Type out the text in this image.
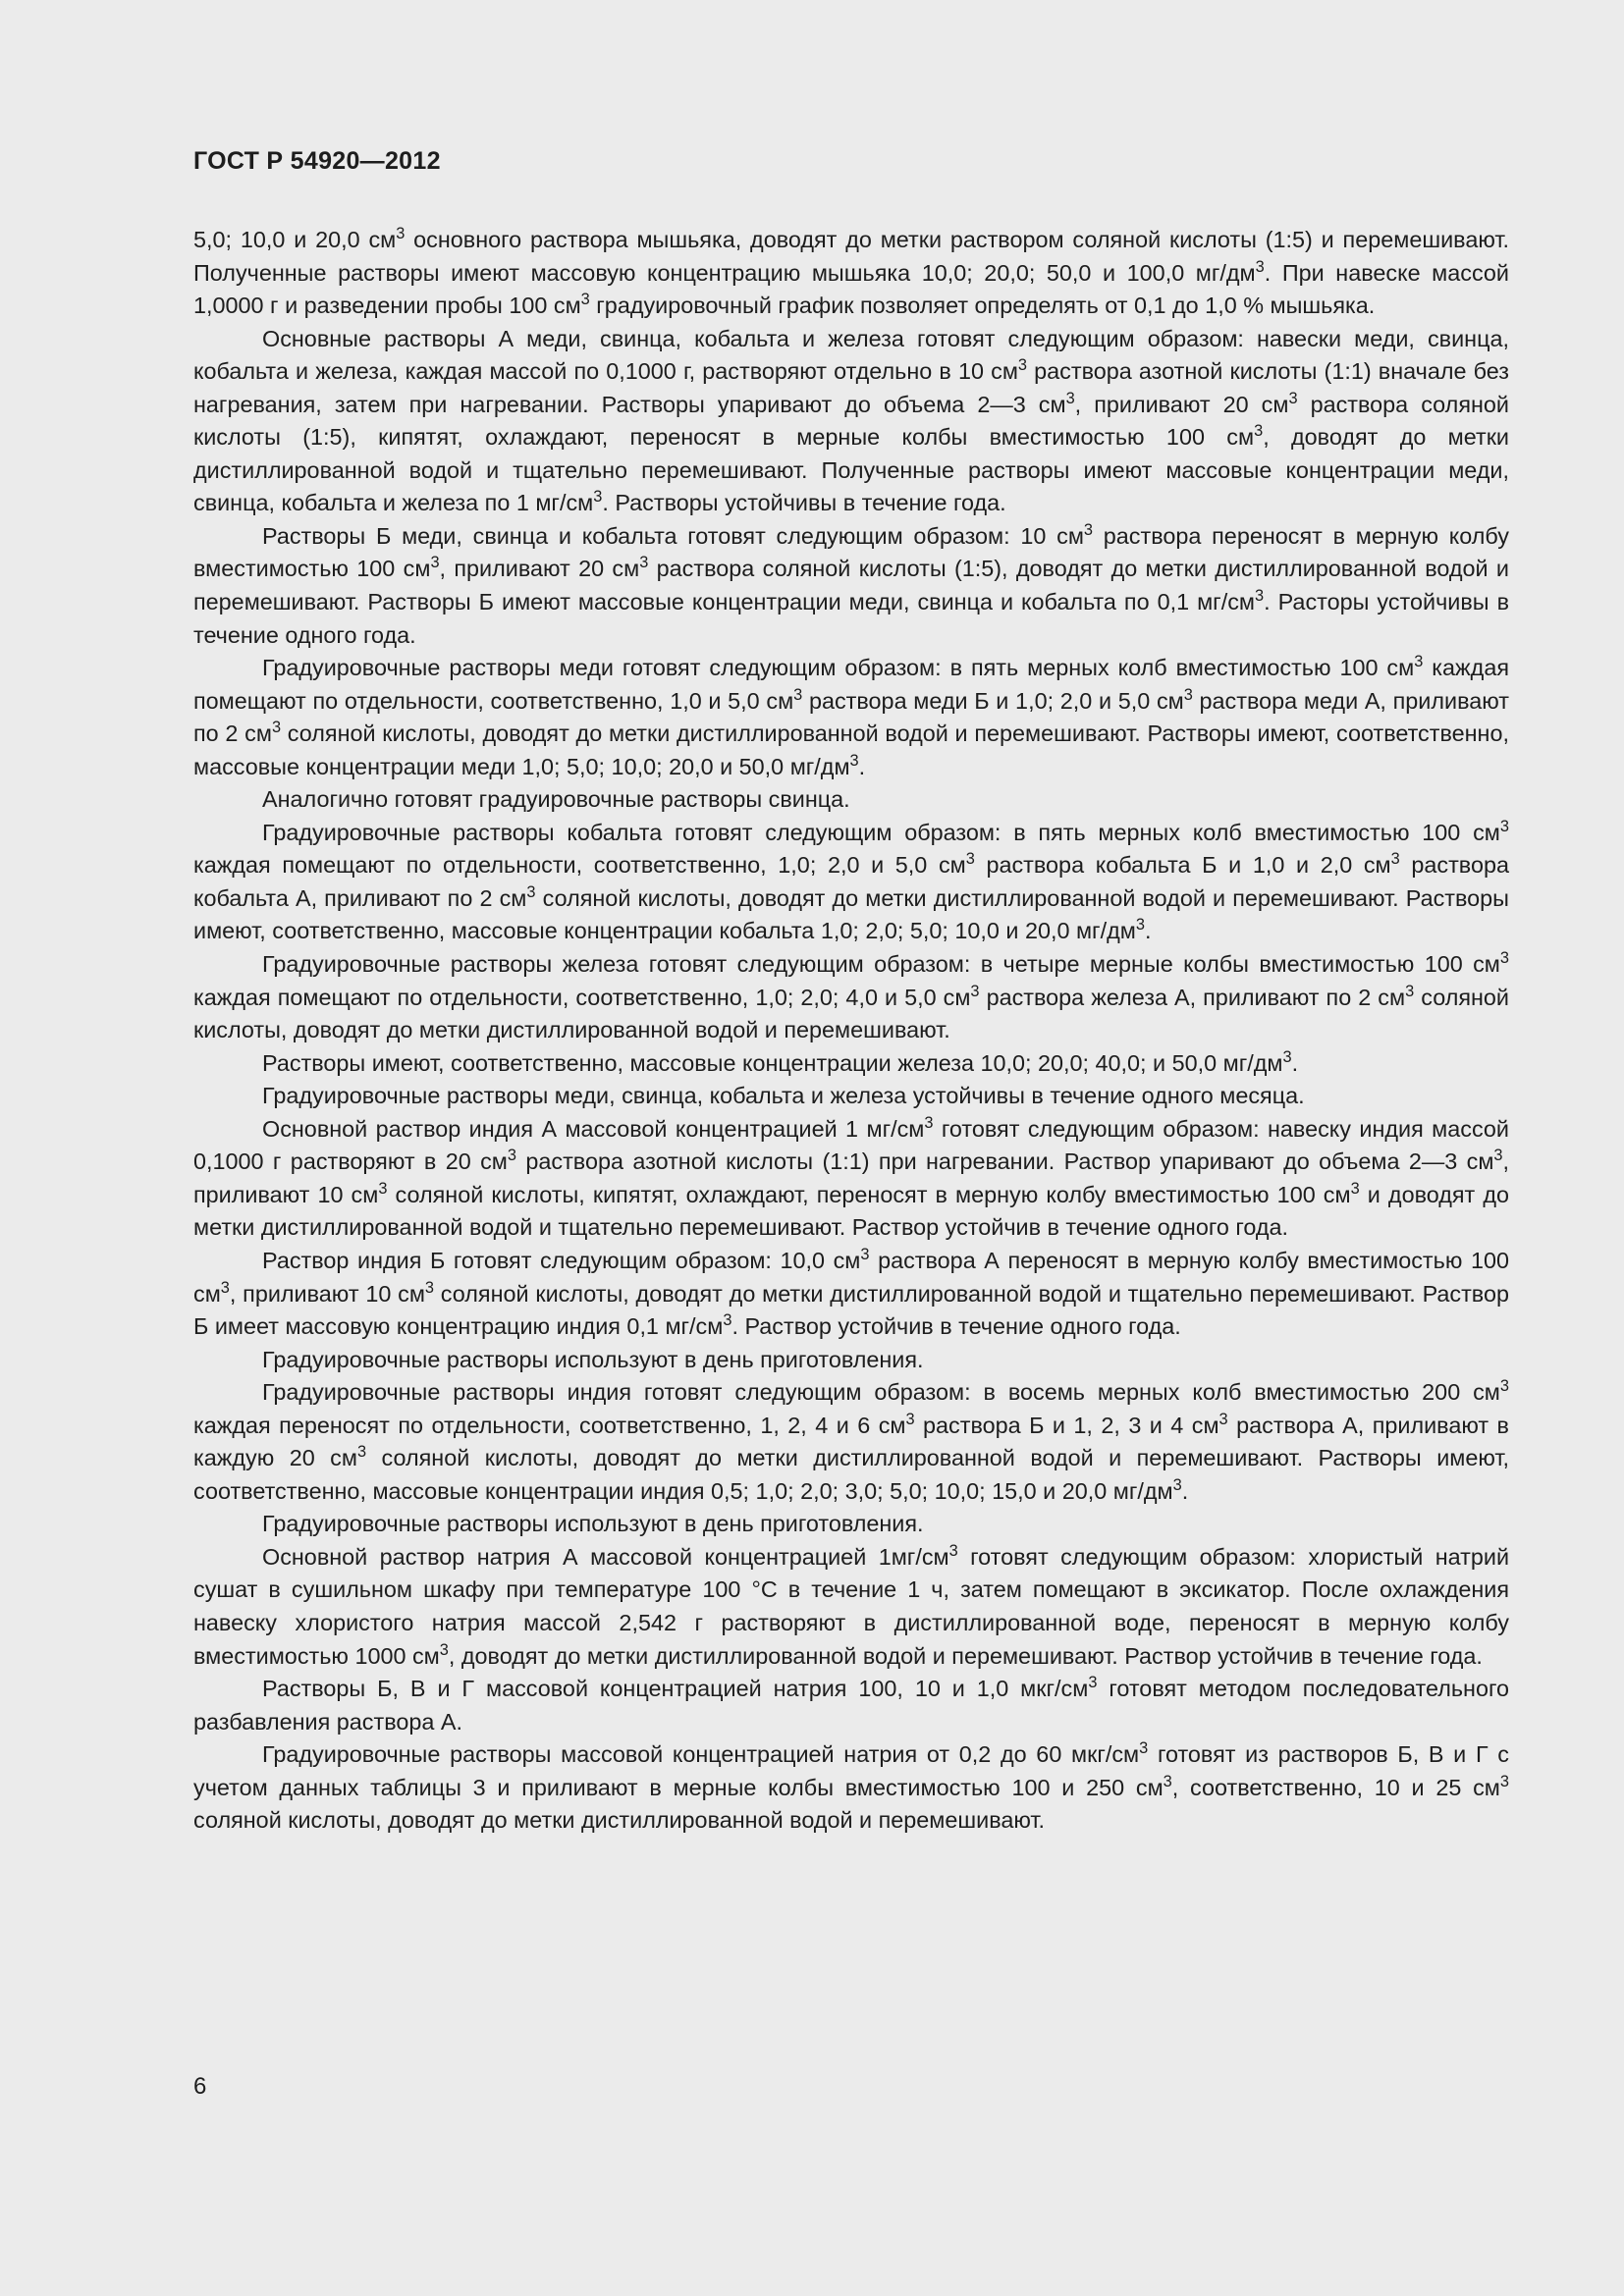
ГОСТ Р 54920—2012

5,0; 10,0 и 20,0 $см^3$ основного раствора мышьяка, доводят до метки раствором соляной кислоты (1:5) и перемешивают. Полученные растворы имеют массовую концентрацию мышьяка 10,0; 20,0; 50,0 и 100,0 $мг/дм^3$. При навеске массой 1,0000 г и разведении пробы 100 $см^3$ градуировочный график позволяет определять от 0,1 до 1,0 % мышьяка.

Основные растворы А меди, свинца, кобальта и железа готовят следующим образом: навески меди, свинца, кобальта и железа, каждая массой по 0,1000 г, растворяют отдельно в 10 $см^3$ раствора азотной кислоты (1:1) вначале без нагревания, затем при нагревании. Растворы упаривают до объема 2—3 $см^3$, приливают 20 $см^3$ раствора соляной кислоты (1:5), кипятят, охлаждают, переносят в мерные колбы вместимостью 100 $см^3$, доводят до метки дистиллированной водой и тщательно перемешивают. Полученные растворы имеют массовые концентрации меди, свинца, кобальта и железа по 1 $мг/см^3$. Растворы устойчивы в течение года.

Растворы Б меди, свинца и кобальта готовят следующим образом: 10 $см^3$ раствора переносят в мерную колбу вместимостью 100 $см^3$, приливают 20 $см^3$ раствора соляной кислоты (1:5), доводят до метки дистиллированной водой и перемешивают. Растворы Б имеют массовые концентрации меди, свинца и кобальта по 0,1 $мг/см^3$. Расторы устойчивы в течение одного года.

Градуировочные растворы меди готовят следующим образом: в пять мерных колб вместимостью 100 $см^3$ каждая помещают по отдельности, соответственно, 1,0 и 5,0 $см^3$ раствора меди Б и 1,0; 2,0 и 5,0 $см^3$ раствора меди А, приливают по 2 $см^3$ соляной кислоты, доводят до метки дистиллированной водой и перемешивают. Растворы имеют, соответственно, массовые концентрации меди 1,0; 5,0; 10,0; 20,0 и 50,0 $мг/дм^3$.

Аналогично готовят градуировочные растворы свинца.

Градуировочные растворы кобальта готовят следующим образом: в пять мерных колб вместимостью 100 $см^3$ каждая помещают по отдельности, соответственно, 1,0; 2,0 и 5,0 $см^3$ раствора кобальта Б и 1,0 и 2,0 $см^3$ раствора кобальта А, приливают по 2 $см^3$ соляной кислоты, доводят до метки дистиллированной водой и перемешивают. Растворы имеют, соответственно, массовые концентрации кобальта 1,0; 2,0; 5,0; 10,0 и 20,0 $мг/дм^3$.

Градуировочные растворы железа готовят следующим образом: в четыре мерные колбы вместимостью 100 $см^3$ каждая помещают по отдельности, соответственно, 1,0; 2,0; 4,0 и 5,0 $см^3$ раствора железа А, приливают по 2 $см^3$ соляной кислоты, доводят до метки дистиллированной водой и перемешивают.

Растворы имеют, соответственно, массовые концентрации железа 10,0; 20,0; 40,0; и 50,0 $мг/дм^3$.

Градуировочные растворы меди, свинца, кобальта и железа устойчивы в течение одного месяца.

Основной раствор индия А массовой концентрацией 1 $мг/см^3$ готовят следующим образом: навеску индия массой 0,1000 г растворяют в 20 $см^3$ раствора азотной кислоты (1:1) при нагревании. Раствор упаривают до объема 2—3 $см^3$, приливают 10 $см^3$ соляной кислоты, кипятят, охлаждают, переносят в мерную колбу вместимостью 100 $см^3$ и доводят до метки дистиллированной водой и тщательно перемешивают. Раствор устойчив в течение одного года.

Раствор индия Б готовят следующим образом: 10,0 $см^3$ раствора А переносят в мерную колбу вместимостью 100 $см^3$, приливают 10 $см^3$ соляной кислоты, доводят до метки дистиллированной водой и тщательно перемешивают. Раствор Б имеет массовую концентрацию индия 0,1 $мг/см^3$. Раствор устойчив в течение одного года.

Градуировочные растворы используют в день приготовления.

Градуировочные растворы индия готовят следующим образом: в восемь мерных колб вместимостью 200 $см^3$ каждая переносят по отдельности, соответственно, 1, 2, 4 и 6 $см^3$ раствора Б и 1, 2, 3 и 4 $см^3$ раствора А, приливают в каждую 20 $см^3$ соляной кислоты, доводят до метки дистиллированной водой и перемешивают. Растворы имеют, соответственно, массовые концентрации индия 0,5; 1,0; 2,0; 3,0; 5,0; 10,0; 15,0 и 20,0 $мг/дм^3$.

Градуировочные растворы используют в день приготовления.

Основной раствор натрия А массовой концентрацией $1мг/см^3$ готовят следующим образом: хлористый натрий сушат в сушильном шкафу при температуре 100 °С в течение 1 ч, затем помещают в эксикатор. После охлаждения навеску хлористого натрия массой 2,542 г растворяют в дистиллированной воде, переносят в мерную колбу вместимостью 1000 $см^3$, доводят до метки дистиллированной водой и перемешивают. Раствор устойчив в течение года.

Растворы Б, В и Г массовой концентрацией натрия 100, 10 и 1,0 мкг/$см^3$ готовят методом последовательного разбавления раствора А.

Градуировочные растворы массовой концентрацией натрия от 0,2 до 60 мкг/$см^3$ готовят из растворов Б, В и Г с учетом данных таблицы 3 и приливают в мерные колбы вместимостью 100 и 250 $см^3$, соответственно, 10 и 25 $см^3$ соляной кислоты, доводят до метки дистиллированной водой и перемешивают.

6
